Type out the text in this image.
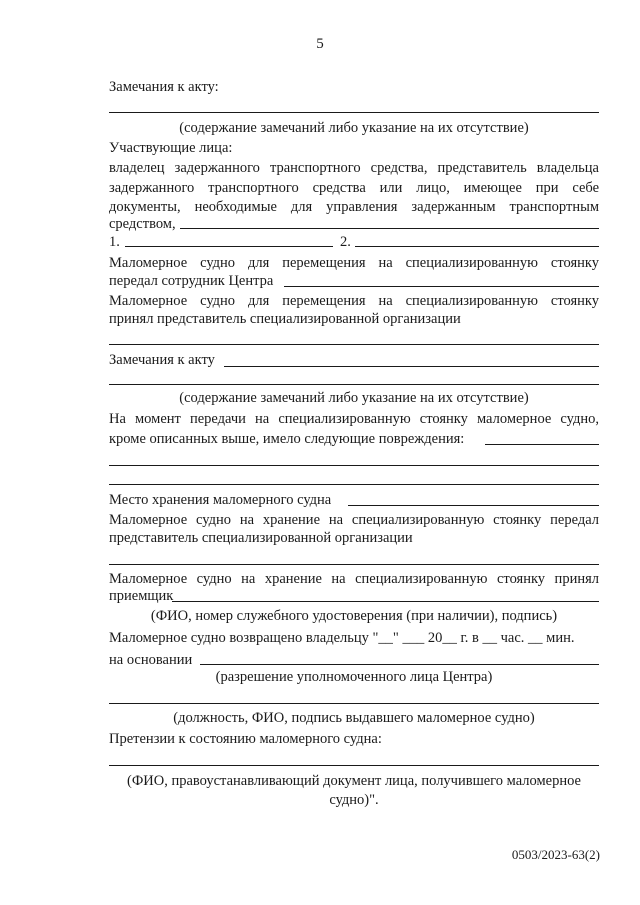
5
Замечания к акту:
(содержание замечаний либо указание на их отсутствие)
Участвующие лица:
владелец задержанного транспортного средства, представитель владельца
задержанного транспортного средства или лицо, имеющее при себе
документы, необходимые для управления задержанным транспортным
средством,
1.	2.
Маломерное судно для перемещения на специализированную стоянку
передал сотрудник Центра
Маломерное судно для перемещения на специализированную стоянку
принял представитель специализированной организации
Замечания к акту
(содержание замечаний либо указание на их отсутствие)
На момент передачи на специализированную стоянку маломерное судно,
кроме описанных выше, имело следующие повреждения:
Место хранения маломерного судна
Маломерное судно на хранение на специализированную стоянку передал
представитель специализированной организации
Маломерное судно на хранение на специализированную стоянку принял
приемщик
(ФИО, номер служебного удостоверения (при наличии), подпись)
Маломерное судно возвращено владельцу "__" ___ 20__ г. в __ час. __ мин.
на основании
(разрешение уполномоченного лица Центра)
(должность, ФИО, подпись выдавшего маломерное судно)
Претензии к состоянию маломерного судна:
(ФИО, правоустанавливающий документ лица, получившего маломерное
судно)".
0503/2023-63(2)
